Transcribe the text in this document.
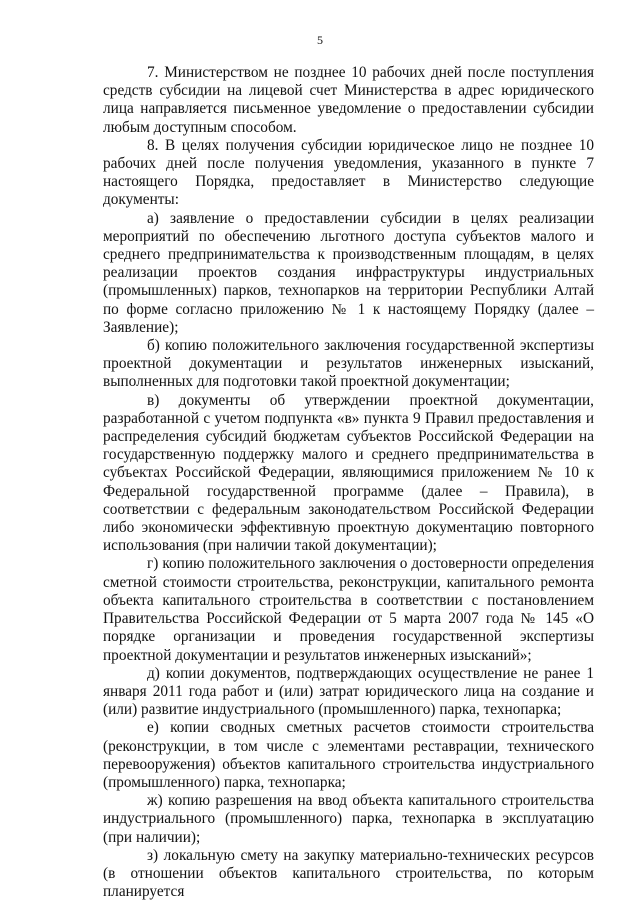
5

7. Министерством не позднее 10 рабочих дней после поступления средств субсидии на лицевой счет Министерства в адрес юридического лица направляется письменное уведомление о предоставлении субсидии любым доступным способом.

8. В целях получения субсидии юридическое лицо не позднее 10 рабочих дней после получения уведомления, указанного в пункте 7 настоящего Порядка, предоставляет в Министерство следующие документы:

а) заявление о предоставлении субсидии в целях реализации мероприятий по обеспечению льготного доступа субъектов малого и среднего предпринимательства к производственным площадям, в целях реализации проектов создания инфраструктуры индустриальных (промышленных) парков, технопарков на территории Республики Алтай по форме согласно приложению № 1 к настоящему Порядку (далее – Заявление);

б) копию положительного заключения государственной экспертизы проектной документации и результатов инженерных изысканий, выполненных для подготовки такой проектной документации;

в) документы об утверждении проектной документации, разработанной с учетом подпункта «в» пункта 9 Правил предоставления и распределения субсидий бюджетам субъектов Российской Федерации на государственную поддержку малого и среднего предпринимательства в субъектах Российской Федерации, являющимися приложением № 10 к Федеральной государственной программе (далее – Правила), в соответствии с федеральным законодательством Российской Федерации либо экономически эффективную проектную документацию повторного использования (при наличии такой документации);

г) копию положительного заключения о достоверности определения сметной стоимости строительства, реконструкции, капитального ремонта объекта капитального строительства в соответствии с постановлением Правительства Российской Федерации от 5 марта 2007 года № 145 «О порядке организации и проведения государственной экспертизы проектной документации и результатов инженерных изысканий»;

д) копии документов, подтверждающих осуществление не ранее 1 января 2011 года работ и (или) затрат юридического лица на создание и (или) развитие индустриального (промышленного) парка, технопарка;

е) копии сводных сметных расчетов стоимости строительства (реконструкции, в том числе с элементами реставрации, технического перевооружения) объектов капитального строительства индустриального (промышленного) парка, технопарка;

ж) копию разрешения на ввод объекта капитального строительства индустриального (промышленного) парка, технопарка в эксплуатацию (при наличии);

з) локальную смету на закупку материально-технических ресурсов (в отношении объектов капитального строительства, по которым планируется
